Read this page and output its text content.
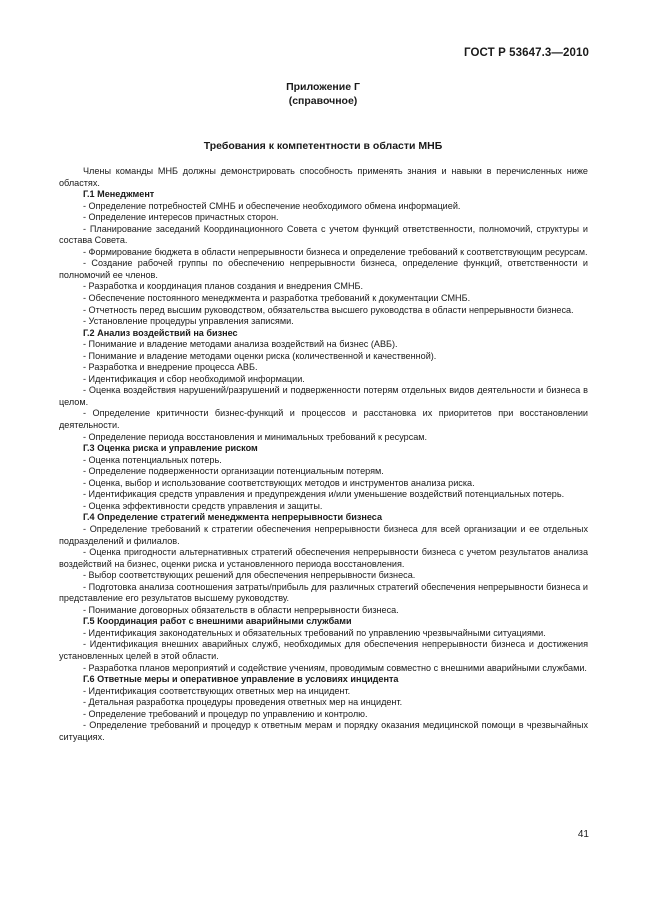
ГОСТ Р 53647.3—2010
Приложение Г
(справочное)
Требования к компетентности в области МНБ

Члены команды МНБ должны демонстрировать способность применять знания и навыки в перечисленных ниже областях.

Г.1 Менеджмент

- Определение потребностей СМНБ и обеспечение необходимого обмена информацией.

- Определение интересов причастных сторон.

- Планирование заседаний Координационного Совета с учетом функций ответственности, полномочий, структуры и состава Совета.

- Формирование бюджета в области непрерывности бизнеса и определение требований к соответствующим ресурсам.

- Создание рабочей группы по обеспечению непрерывности бизнеса, определение функций, ответственности и полномочий ее членов.

- Разработка и координация планов создания и внедрения СМНБ.

- Обеспечение постоянного менеджмента и разработка требований к документации СМНБ.

- Отчетность перед высшим руководством, обязательства высшего руководства в области непрерывности бизнеса.

- Установление процедуры управления записями.

Г.2 Анализ воздействий на бизнес

- Понимание и владение методами анализа воздействий на бизнес (АВБ).

- Понимание и владение методами оценки риска (количественной и качественной).

- Разработка и внедрение процесса АВБ.

- Идентификация и сбор необходимой информации.

- Оценка воздействия нарушений/разрушений и подверженности потерям отдельных видов деятельности и бизнеса в целом.

- Определение критичности бизнес-функций и процессов и расстановка их приоритетов при восстановлении деятельности.

- Определение периода восстановления и минимальных требований к ресурсам.

Г.3 Оценка риска и управление риском

- Оценка потенциальных потерь.

- Определение подверженности организации потенциальным потерям.

- Оценка, выбор и использование соответствующих методов и инструментов анализа риска.

- Идентификация средств управления и предупреждения и/или уменьшение воздействий потенциальных потерь.

- Оценка эффективности средств управления и защиты.

Г.4 Определение стратегий менеджмента непрерывности бизнеса

- Определение требований к стратегии обеспечения непрерывности бизнеса для всей организации и ее отдельных подразделений и филиалов.

- Оценка пригодности альтернативных стратегий обеспечения непрерывности бизнеса с учетом результатов анализа воздействий на бизнес, оценки риска и установленного периода восстановления.

- Выбор соответствующих решений для обеспечения непрерывности бизнеса.

- Подготовка анализа соотношения затраты/прибыль для различных стратегий обеспечения непрерывности бизнеса и представление его результатов высшему руководству.

- Понимание договорных обязательств в области непрерывности бизнеса.

Г.5 Координация работ с внешними аварийными службами

- Идентификация законодательных и обязательных требований по управлению чрезвычайными ситуациями.

- Идентификация внешних аварийных служб, необходимых для обеспечения непрерывности бизнеса и достижения установленных целей в этой области.

- Разработка планов мероприятий и содействие учениям, проводимым совместно с внешними аварийными службами.

Г.6 Ответные меры и оперативное управление в условиях инцидента

- Идентификация соответствующих ответных мер на инцидент.

- Детальная разработка процедуры проведения ответных мер на инцидент.

- Определение требований и процедур по управлению и контролю.

- Определение требований и процедур к ответным мерам и порядку оказания медицинской помощи в чрезвычайных ситуациях.

41
